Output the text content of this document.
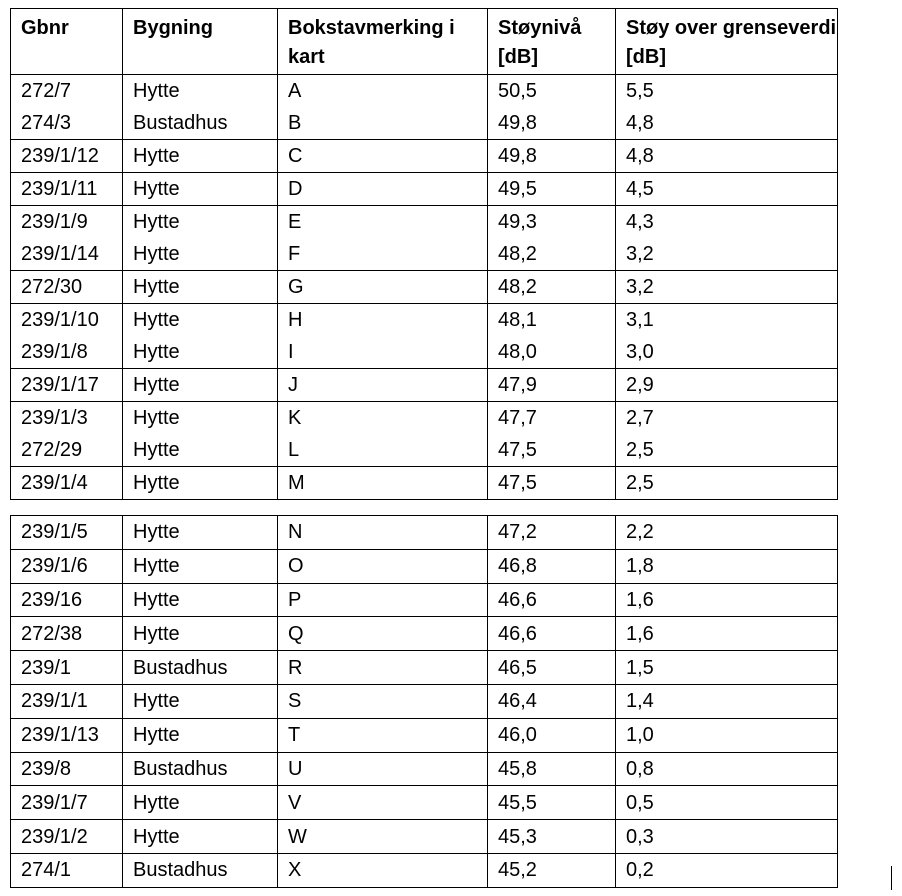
Gbnr	Bygning	Bokstavmerking i kart	Støynivå [dB]	Støy over grenseverdi [dB]
272/7	Hytte	A	50,5	5,5
274/3	Bustadhus	B	49,8	4,8
239/1/12	Hytte	C	49,8	4,8
239/1/11	Hytte	D	49,5	4,5
239/1/9	Hytte	E	49,3	4,3
239/1/14	Hytte	F	48,2	3,2
272/30	Hytte	G	48,2	3,2
239/1/10	Hytte	H	48,1	3,1
239/1/8	Hytte	I	48,0	3,0
239/1/17	Hytte	J	47,9	2,9
239/1/3	Hytte	K	47,7	2,7
272/29	Hytte	L	47,5	2,5
239/1/4	Hytte	M	47,5	2,5
239/1/5	Hytte	N	47,2	2,2
239/1/6	Hytte	O	46,8	1,8
239/16	Hytte	P	46,6	1,6
272/38	Hytte	Q	46,6	1,6
239/1	Bustadhus	R	46,5	1,5
239/1/1	Hytte	S	46,4	1,4
239/1/13	Hytte	T	46,0	1,0
239/8	Bustadhus	U	45,8	0,8
239/1/7	Hytte	V	45,5	0,5
239/1/2	Hytte	W	45,3	0,3
274/1	Bustadhus	X	45,2	0,2
